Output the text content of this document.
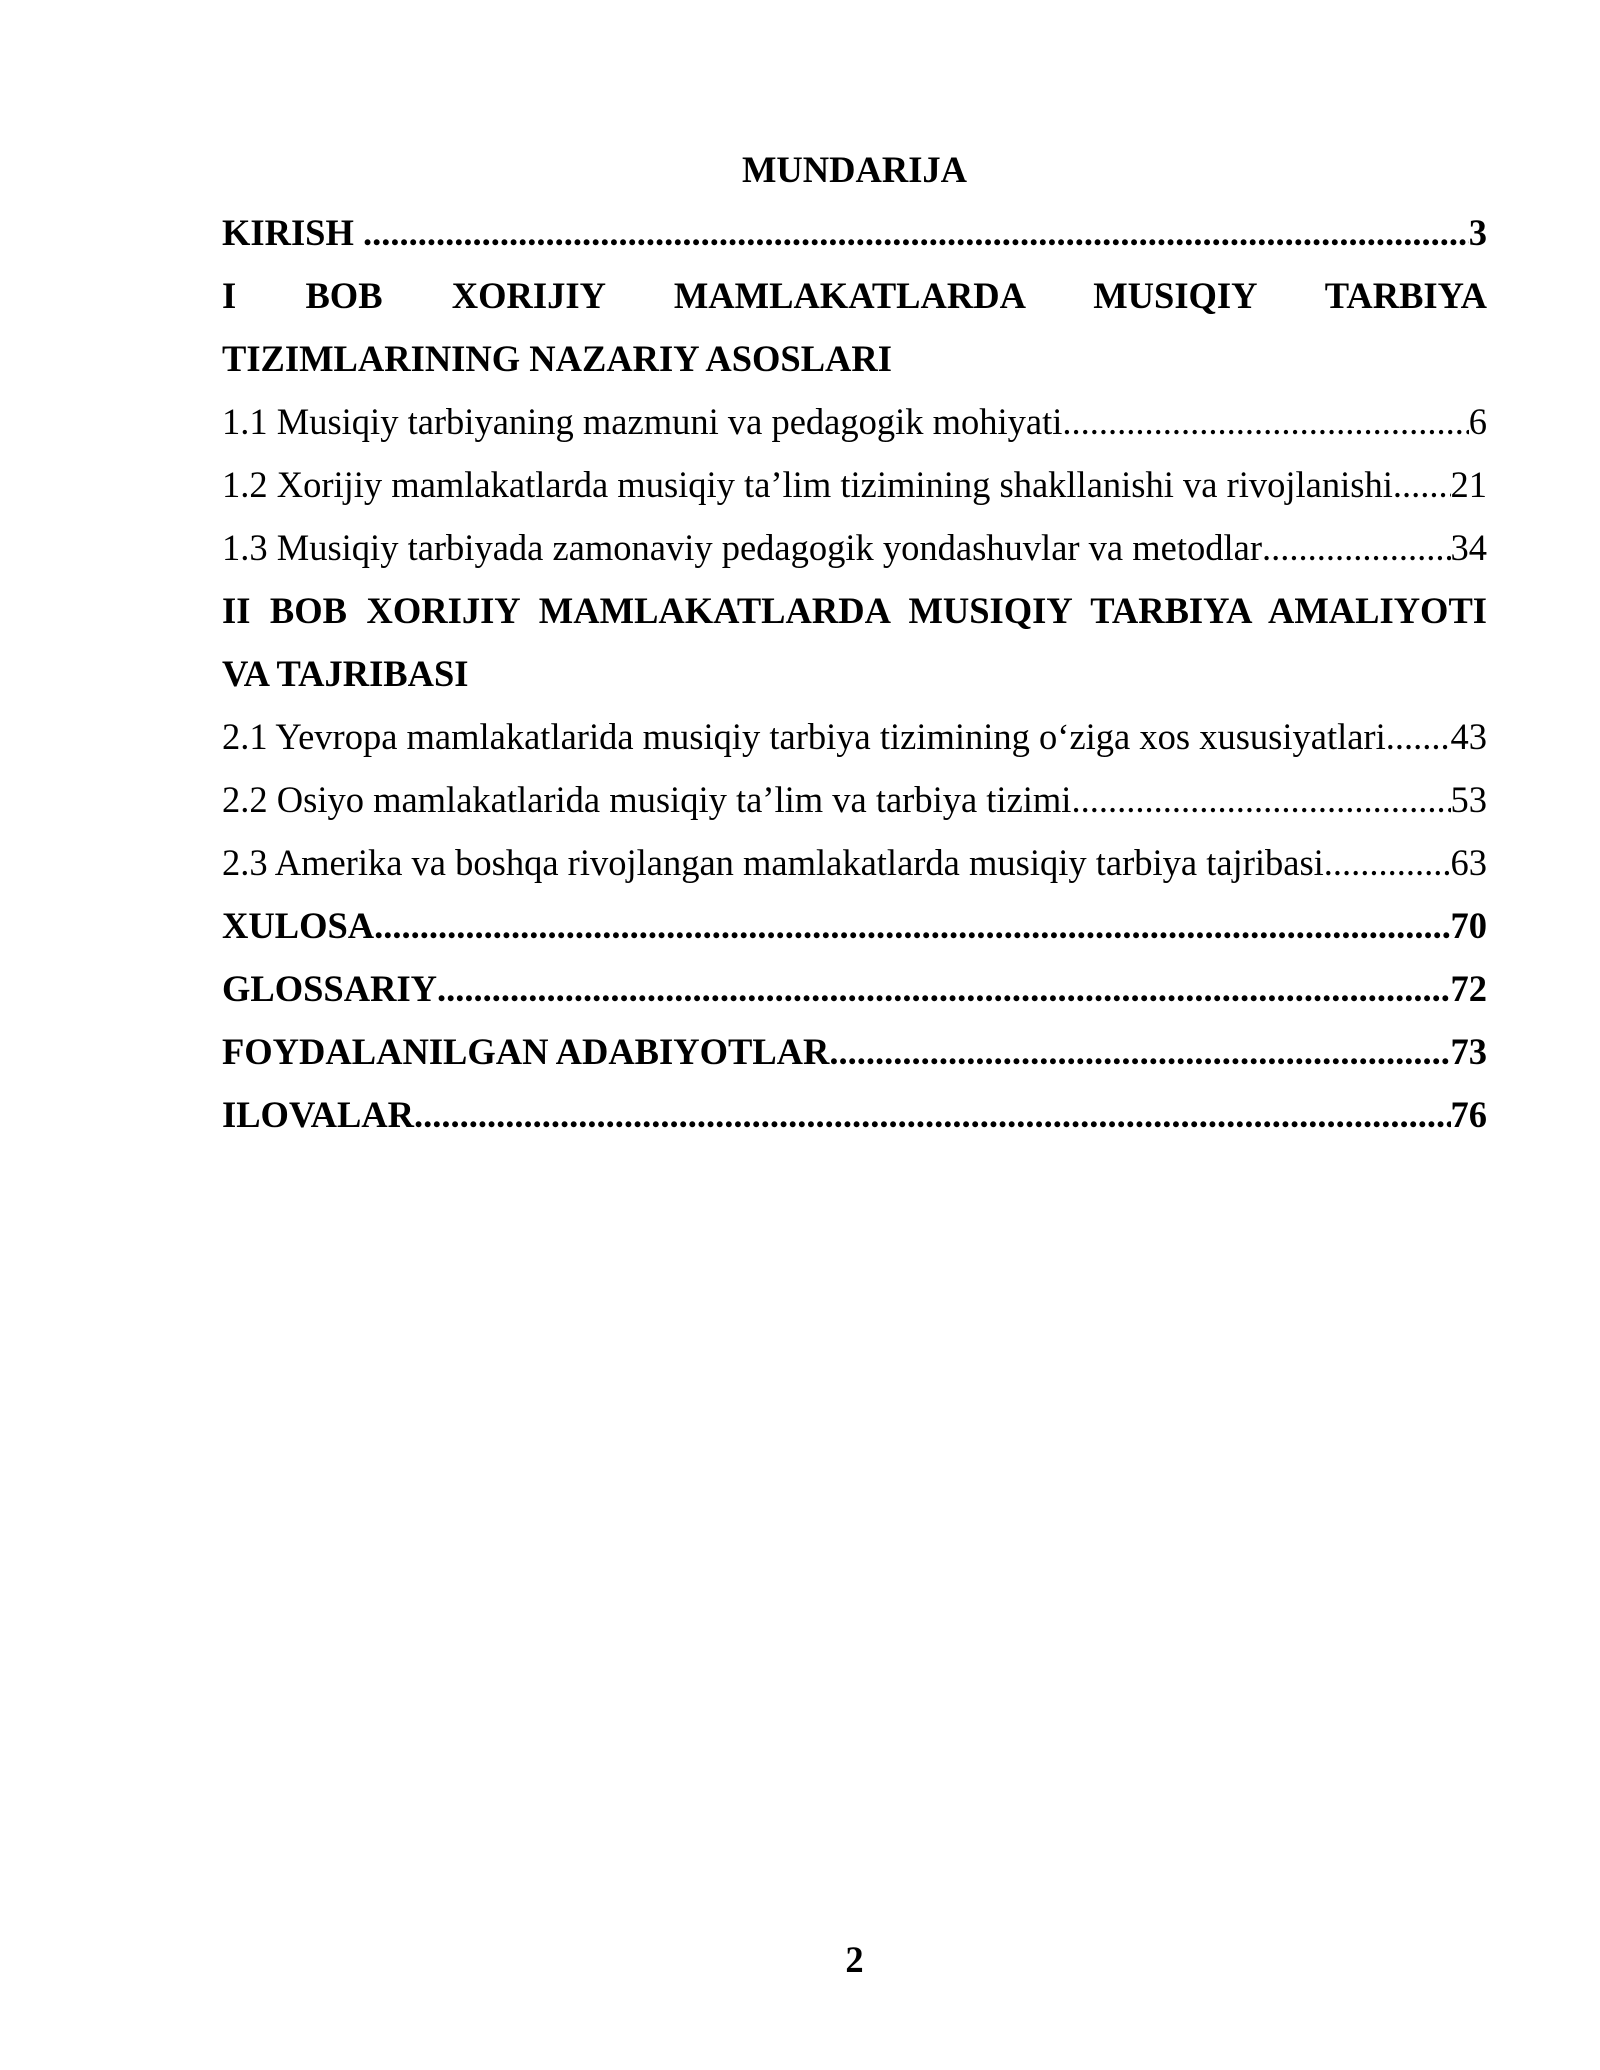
MUNDARIJA
KIRISH .....	3
I BOB XORIJIY MAMLAKATLARDA MUSIQIY TARBIYA
TIZIMLARINING NAZARIY ASOSLARI
1.1 Musiqiy tarbiyaning mazmuni va pedagogik mohiyati .....	6
1.2 Xorijiy mamlakatlarda musiqiy ta’lim tizimining shakllanishi va rivojlanishi ..... 21
1.3 Musiqiy tarbiyada zamonaviy pedagogik yondashuvlar va metodlar .....	34
II BOB XORIJIY MAMLAKATLARDA MUSIQIY TARBIYA AMALIYOTI
VA TAJRIBASI
2.1 Yevropa mamlakatlarida musiqiy tarbiya tizimining o‘ziga xos xususiyatlari ..... 43
2.2 Osiyo mamlakatlarida musiqiy ta’lim va tarbiya tizimi .....	53
2.3 Amerika va boshqa rivojlangan mamlakatlarda musiqiy tarbiya tajribasi .....	63
XULOSA .....	70
GLOSSARIY .....	72
FOYDALANILGAN ADABIYOTLAR .....	73
ILOVALAR .....	76
2
